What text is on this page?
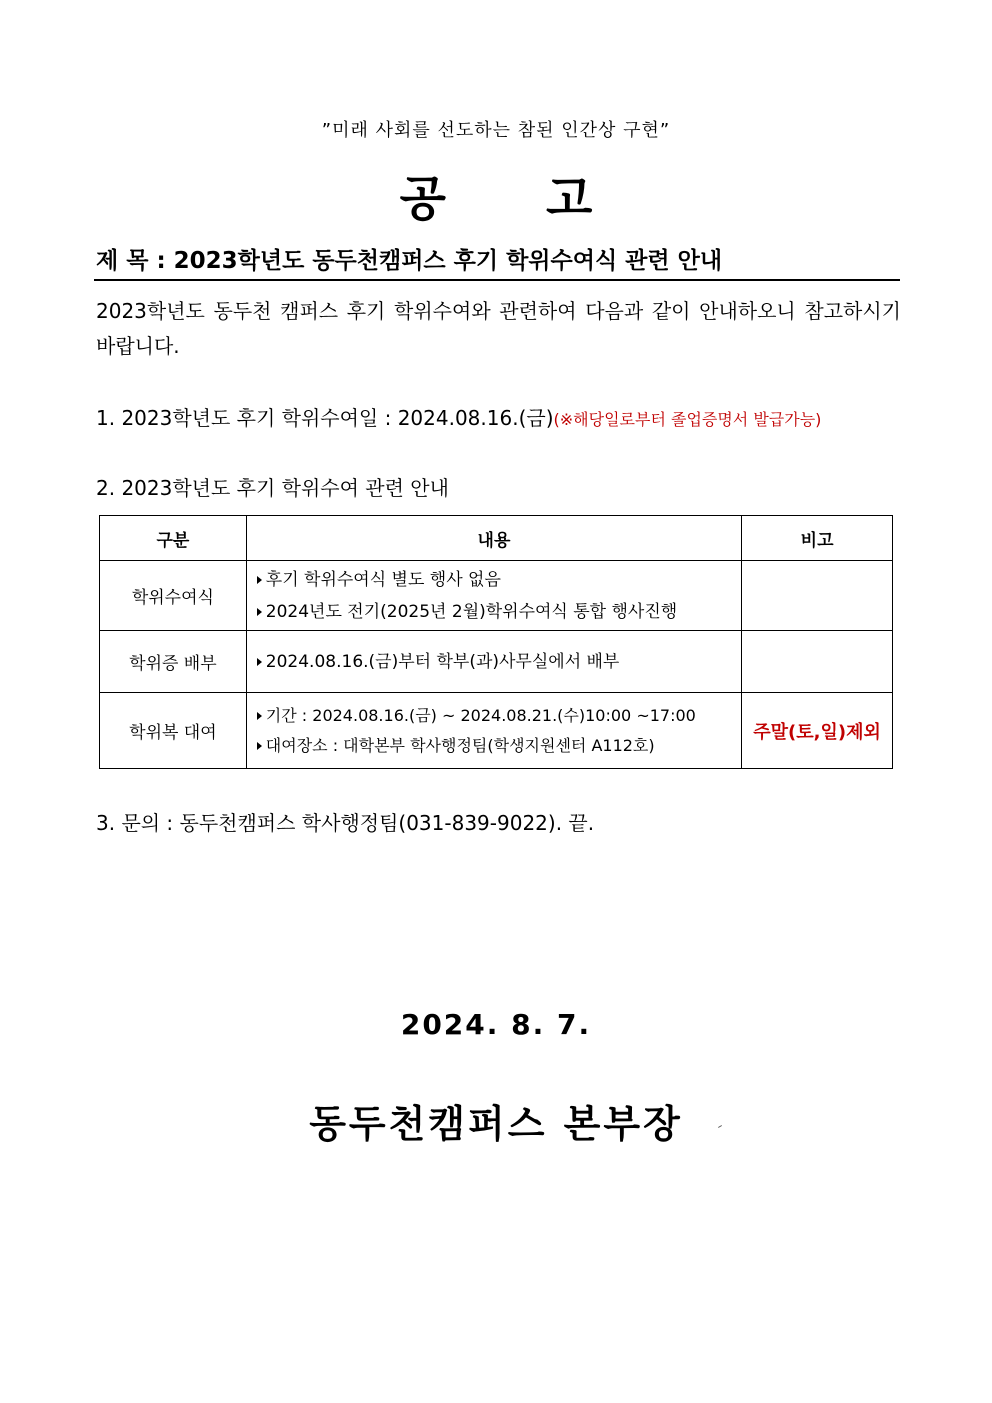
”미래 사회를 선도하는 참된 인간상 구현”
공 고
제 목 : 2023학년도 동두천캠퍼스 후기 학위수여식 관련 안내
2023학년도 동두천 캠퍼스 후기 학위수여와 관련하여 다음과 같이 안내하오니 참고하시기 바랍니다.
1. 2023학년도 후기 학위수여일 : 2024.08.16.(금)(※해당일로부터 졸업증명서 발급가능)
2. 2023학년도 후기 학위수여 관련 안내
구분	내용	비고
학위수여식	후기 학위수여식 별도 행사 없음
2024년도 전기(2025년 2월)학위수여식 통합 행사진행	

학위증 배부	2024.08.16.(금)부터 학부(과)사무실에서 배부	

학위복 대여	기간 : 2024.08.16.(금) ~ 2024.08.21.(수)10:00 ~17:00
대여장소 : 대학본부 학사행정팀(학생지원센터 A112호)	주말(토,일)제외
3. 문의 : 동두천캠퍼스 학사행정팀(031-839-9022). 끝.
2024. 8. 7.
동두천캠퍼스 본부장
